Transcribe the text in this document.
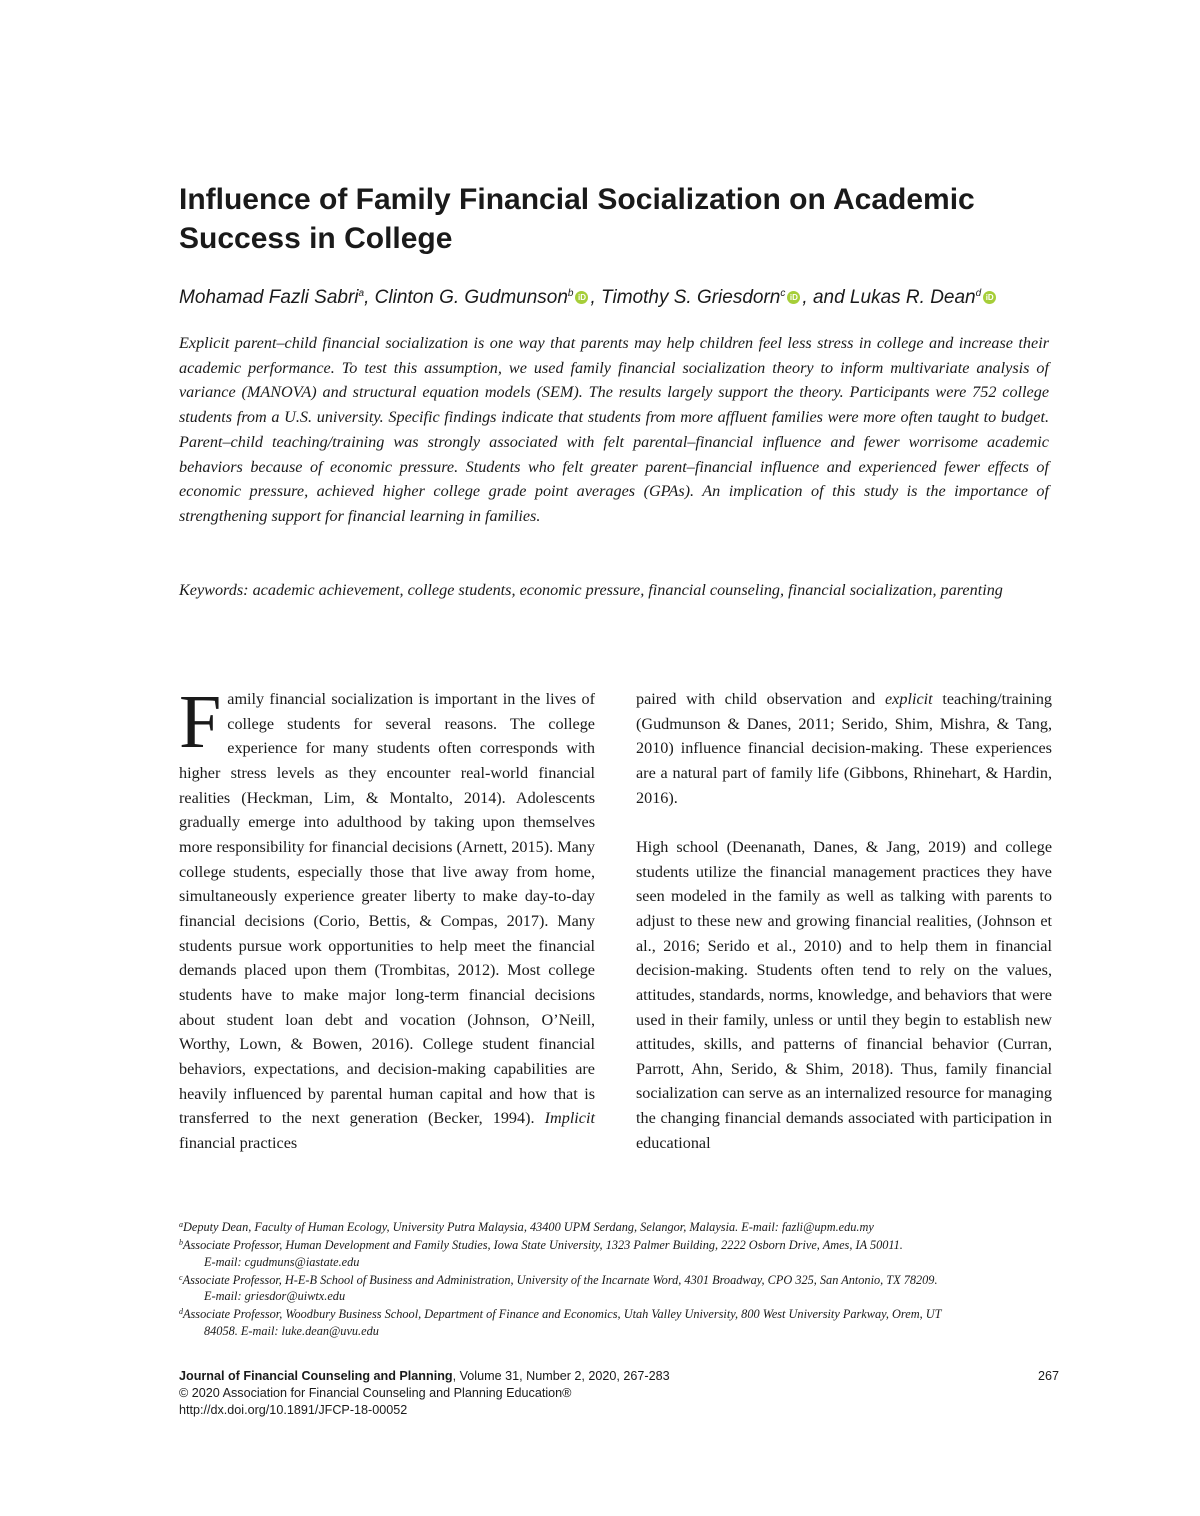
Influence of Family Financial Socialization on Academic Success in College
Mohamad Fazli Sabri$^a$, Clinton G. Gudmunson$^b$ iD , Timothy S. Griesdorn$^c$ iD , and Lukas R. Dean$^d$ iD

Explicit parent–child financial socialization is one way that parents may help children feel less stress in college and increase their academic performance. To test this assumption, we used family financial socialization theory to inform multivariate analysis of variance (MANOVA) and structural equation models (SEM). The results largely support the theory. Participants were 752 college students from a U.S. university. Specific findings indicate that students from more affluent families were more often taught to budget. Parent–child teaching/training was strongly associated with felt parental–financial influence and fewer worrisome academic behaviors because of economic pressure. Students who felt greater parent–financial influence and experienced fewer effects of economic pressure, achieved higher college grade point averages (GPAs). An implication of this study is the importance of strengthening support for financial learning in families.

Keywords: academic achievement, college students, economic pressure, financial counseling, financial socialization, parenting

Family financial socialization is important in the lives of college students for several reasons. The college experience for many students often corresponds with higher stress levels as they encounter real-world financial realities (Heckman, Lim, & Montalto, 2014). Adolescents gradually emerge into adulthood by taking upon themselves more responsibility for financial decisions (Arnett, 2015). Many college students, especially those that live away from home, simultaneously experience greater liberty to make day-to-day financial decisions (Corio, Bettis, & Compas, 2017). Many students pursue work opportunities to help meet the financial demands placed upon them (Trombitas, 2012). Most college students have to make major long-term financial decisions about student loan debt and vocation (Johnson, O’Neill, Worthy, Lown, & Bowen, 2016). College student financial behaviors, expectations, and decision-making capabilities are heavily influenced by parental human capital and how that is transferred to the next generation (Becker, 1994). Implicit financial practices

paired with child observation and explicit teaching/training (Gudmunson & Danes, 2011; Serido, Shim, Mishra, & Tang, 2010) influence financial decision-making. These experiences are a natural part of family life (Gibbons, Rhinehart, & Hardin, 2016).

High school (Deenanath, Danes, & Jang, 2019) and college students utilize the financial management practices they have seen modeled in the family as well as talking with parents to adjust to these new and growing financial realities, (Johnson et al., 2016; Serido et al., 2010) and to help them in financial decision-making. Students often tend to rely on the values, attitudes, standards, norms, knowledge, and behaviors that were used in their family, unless or until they begin to establish new attitudes, skills, and patterns of financial behavior (Curran, Parrott, Ahn, Serido, & Shim, 2018). Thus, family financial socialization can serve as an internalized resource for managing the changing financial demands associated with participation in educational

$^a$Deputy Dean, Faculty of Human Ecology, University Putra Malaysia, 43400 UPM Serdang, Selangor, Malaysia. E-mail: fazli@upm.edu.my

$^b$Associate Professor, Human Development and Family Studies, Iowa State University, 1323 Palmer Building, 2222 Osborn Drive, Ames, IA 50011.
E-mail: cgudmuns@iastate.edu

$^c$Associate Professor, H-E-B School of Business and Administration, University of the Incarnate Word, 4301 Broadway, CPO 325, San Antonio, TX 78209.
E-mail: griesdor@uiwtx.edu

$^d$Associate Professor, Woodbury Business School, Department of Finance and Economics, Utah Valley University, 800 West University Parkway, Orem, UT
84058. E-mail: luke.dean@uvu.edu

Journal of Financial Counseling and Planning, Volume 31, Number 2, 2020, 267-283

© 2020 Association for Financial Counseling and Planning Education®

http://dx.doi.org/10.1891/JFCP-18-00052

267
